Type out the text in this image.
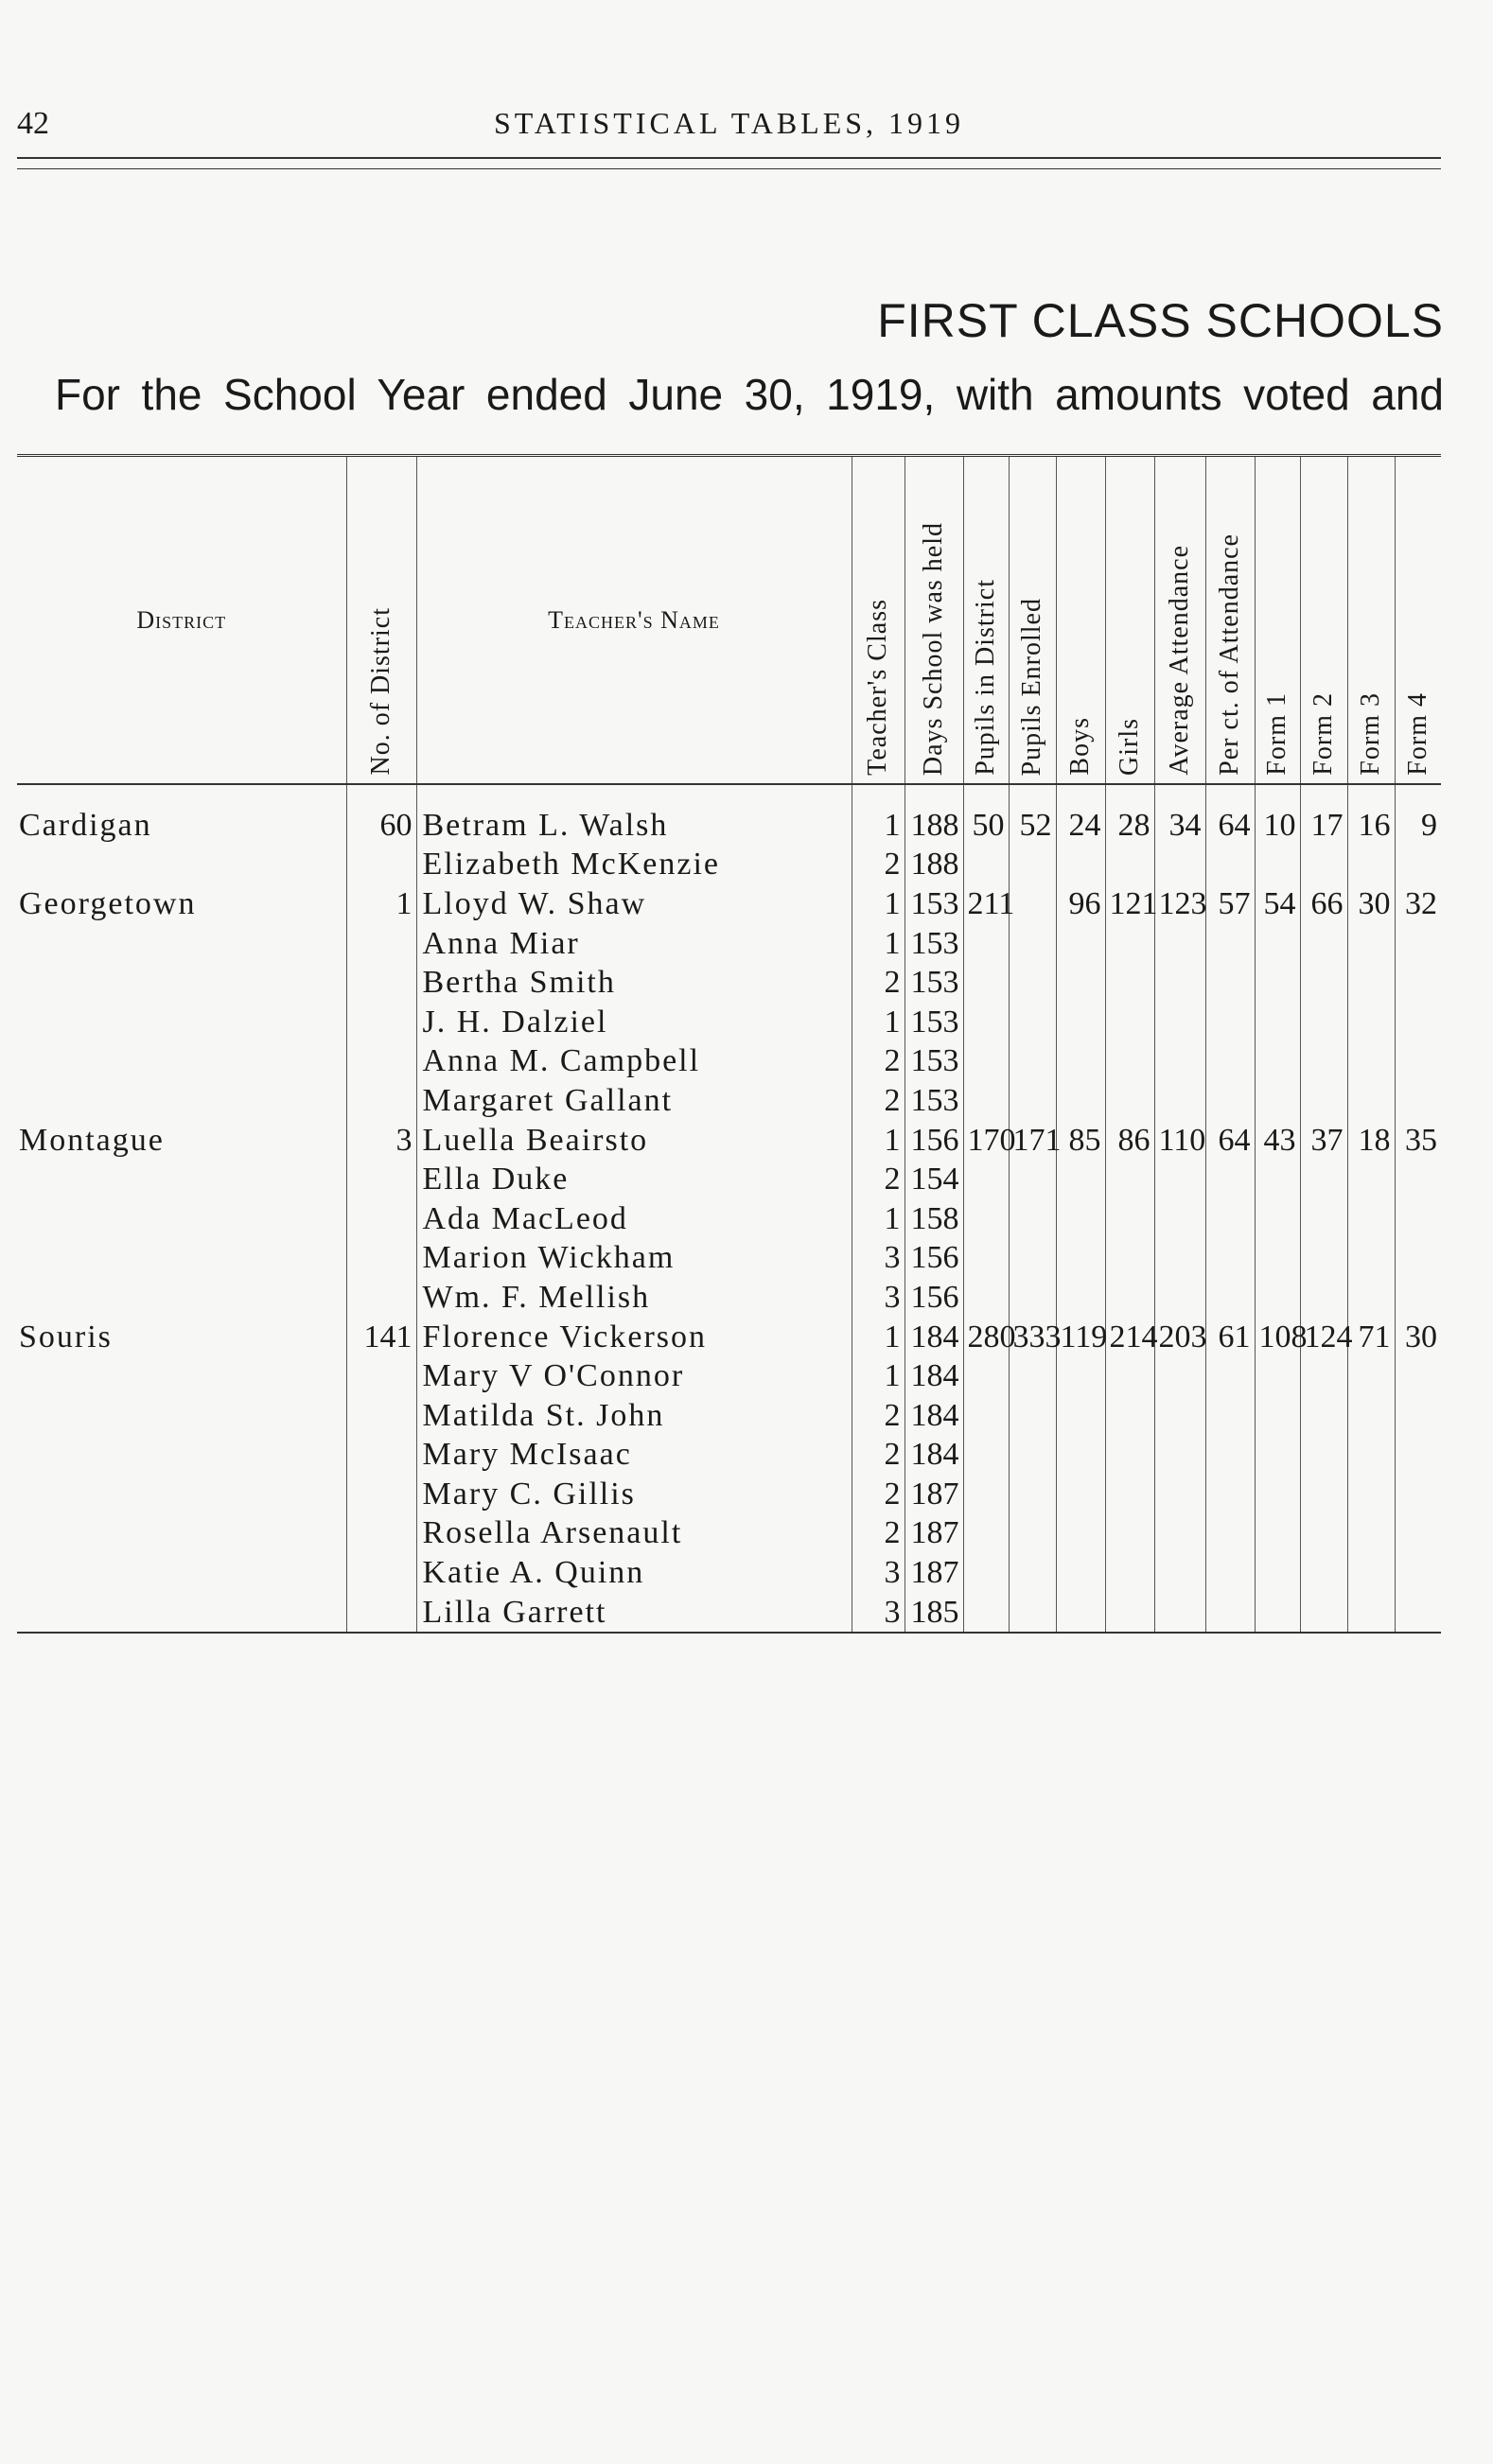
42	STATISTICAL TABLES, 1919
FIRST CLASS SCHOOLS
For the School Year ended June 30, 1919, with amounts voted and
District	No. of District	Teacher's Name	Teacher's Class	Days School was held	Pupils in District	Pupils Enrolled	Boys	Girls	Average Attendance	Per ct. of Attendance	Form 1	Form 2	Form 3	Form 4

Cardigan	60	Betram L. Walsh	1	188	50	52	24	28	34	64	10	17	16	9
		Elizabeth McKenzie	2	188										
Georgetown	1	Lloyd W. Shaw	1	153	211		96	121	123	57	54	66	30	32
		Anna Miar	1	153										
		Bertha Smith	2	153										
		J. H. Dalziel	1	153										
		Anna M. Campbell	2	153										
		Margaret Gallant	2	153										
Montague	3	Luella Beairsto	1	156	170	171	85	86	110	64	43	37	18	35
		Ella Duke	2	154										
		Ada MacLeod	1	158										
		Marion Wickham	3	156										
		Wm. F. Mellish	3	156										
Souris	141	Florence Vickerson	1	184	280	333	119	214	203	61	108	124	71	30
		Mary V O'Connor	1	184										
		Matilda St. John	2	184										
		Mary McIsaac	2	184										
		Mary C. Gillis	2	187										
		Rosella Arsenault	2	187										
		Katie A. Quinn	3	187										
		Lilla Garrett	3	185										
